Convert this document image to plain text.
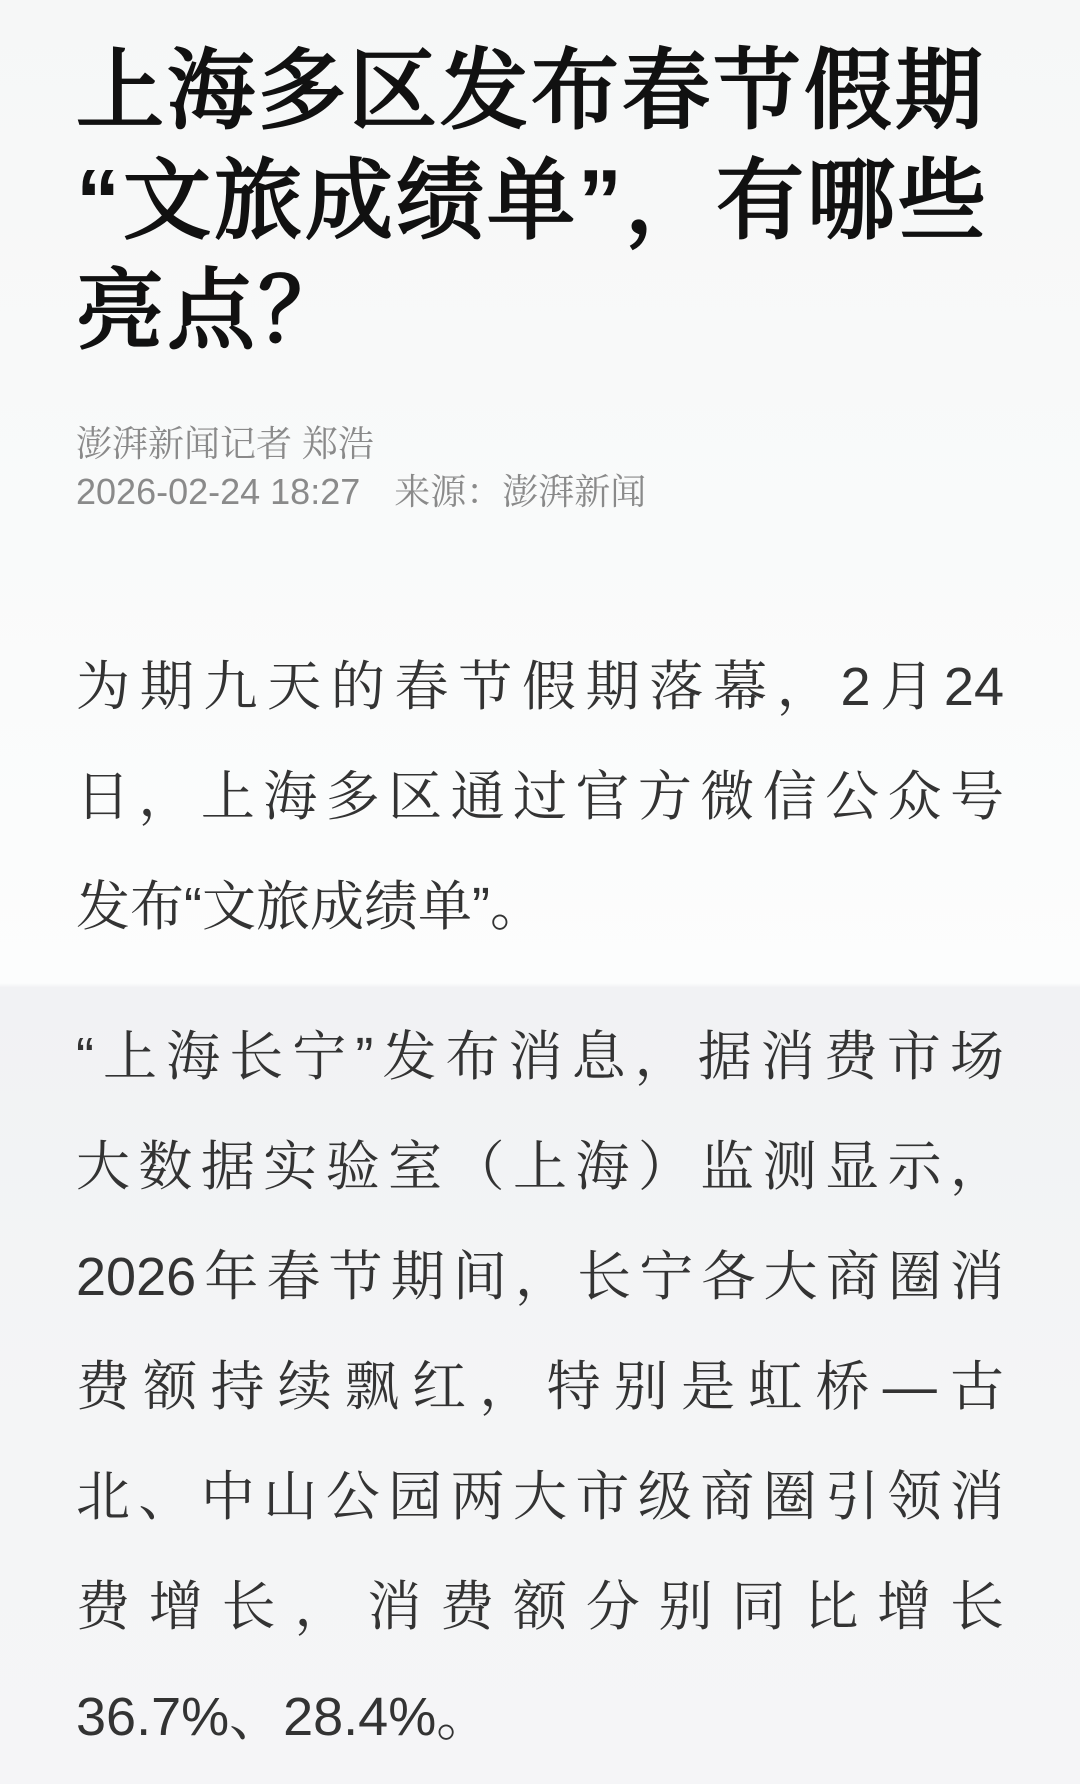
上海多区发布春节假期
“文旅成绩单”，有哪些
亮点？
澎湃新闻记者 郑浩
2026-02-24 18:27 来源：澎湃新闻
为期九天的春节假期落幕，2月24
日，上海多区通过官方微信公众号
发布“文旅成绩单”。
“上海长宁”发布消息，据消费市场
大数据实验室（上海）监测显示，
2026年春节期间，长宁各大商圈消
费额持续飘红，特别是虹桥—古
北、中山公园两大市级商圈引领消
费增长，消费额分别同比增长
36.7%、28.4%。
